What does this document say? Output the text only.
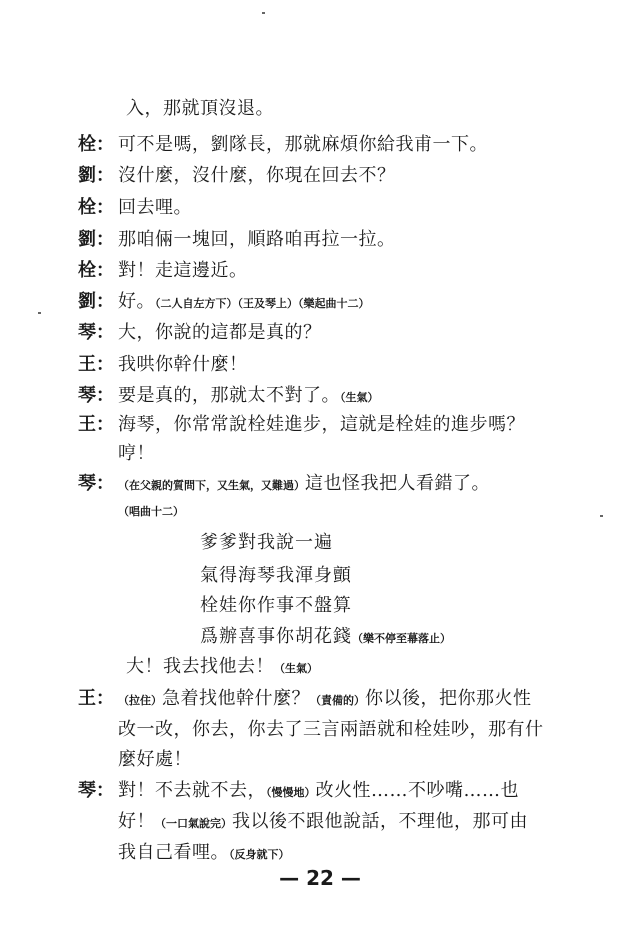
入，那就頂沒退。
栓： 可不是嗎，劉隊長，那就麻煩你給我甫一下。
劉： 沒什麼，沒什麼，你現在回去不？
栓： 回去哩。
劉： 那咱倆一塊回，順路咱再拉一拉。
栓： 對！走這邊近。
劉： 好。（二人自左方下）（王及琴上）（樂起曲十二）
琴： 大，你說的這都是真的？
王： 我哄你幹什麼！
琴： 要是真的，那就太不對了。（生氣）
王： 海琴，你常常說栓娃進步，這就是栓娃的進步嗎？
哼！
琴： （在父親的質問下，又生氣，又難過）這也怪我把人看錯了。
（唱曲十二）
大！我去找他去！（生氣）
王： （拉住）急着找他幹什麼？（責備的）你以後，把你那火性
改一改，你去，你去了三言兩語就和栓娃吵，那有什
麼好處！
琴： 對！不去就不去，（慢慢地）改火性……不吵嘴……也
好！（一口氣說完）我以後不跟他說話，不理他，那可由
我自己看哩。（反身就下）
爹爹對我說一遍
氣得海琴我渾身顫
栓娃你作事不盤算
爲辦喜事你胡花錢（樂不停至幕落止）
— 22 —
